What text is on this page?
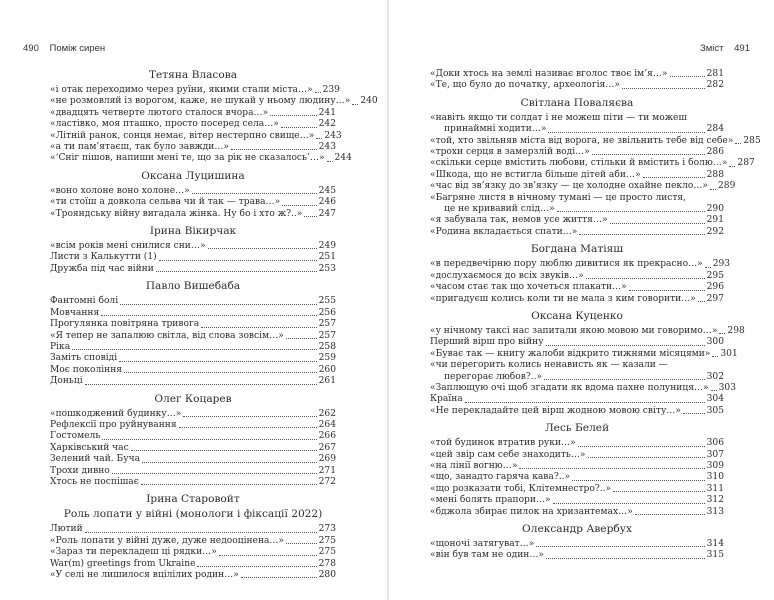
490 Поміж сирен
Тетяна Власова
«і отак переходимо через руїни, якими стали міста…» 239
«не розмовляй із ворогом, каже, не шукай у ньому людину…» 240
«двадцять четверте лютого сталося вчора…»	241
«ластівко, моя пташко, просто посеред села…»	242
«Літній ранок, сонця немає, вітер нестерпно свище…» 243
«а ти пам’ятаєш, так було завжди…»	243
«‘Сніг пішов, напиши мені те, що за рік не сказалось’…» 244
Оксана Луцишина
«воно холоне воно холоне…»	245
«ти стоїш а довкола сельва чи й так — трава…»	246
«Трояндську війну вигадала жінка. Ну бо і хто ж?..» 247
Ірина Вікирчак
«всім років мені снилися сни…»	249
Листи з Калькутти (1)	251
Дружба під час війни	253
Павло Вишебаба
Фантомні болі	255
Мовчання	256
Прогулянка повітряна тривога	257
«Я тепер не запалюю світла, від слова зовсім…»	257
Ріка	258
Заміть сповіді	259
Моє покоління	260
Доньці	261
Олег Коцарев
«пошкоджений будинку…»	262
Рефлексії про руйнування	264
Гостомель	266
Харківський час	267
Зелений чай. Буча	269
Трохи дивно	271
Хтось не поспішає	272
Ірина Старовойт
Роль лопати у війні (монологи і фіксації 2022)
Лютий	273
«Роль лопати у війні дуже, дуже недооцінена…»	275
«Зараз ти перекладеш ці рядки…»	275
War(m) greetings from Ukraine	278
«У селі не лишилося вцілілих родин…»	280
Зміст 491
«Доки хтось на землі називає вголос твоє ім’я…»	281
«Те, що було до початку, археологія…»	282
Світлана Поваляєва
«навіть якщо ти солдат і не можеш піти — ти можеш
принаймні ходити…»	284
«той, хто звільняв міста від ворога, не звільнить тебе від себе» 285
«трохи серця в замерзлій воді…»	286
«скільки серце вмістить любови, стільки й вмістить і болю…» 287
«Шкода, що не встигла більше дітей аби…»	288
«час від зв’язку до зв’язку — це холодне охайне пекло…» 289
«Багряне листя в нічному тумані — це просто листя,
це не кривавий слід…»	290
«я забувала так, немов усе життя…»	291
«Родина вкладається спати…»	292
Богдана Матіяш
«в передвечірню пору люблю дивитися як прекрасно…» 293
«дослухаємося до всіх звуків…»	295
«часом стає так що хочеться плакати…»	296
«пригадуєш колись коли ти не мала з ким говорити…» 297
Оксана Куценко
«у нічному таксі нас запитали якою мовою ми говоримо…» 298
Перший вірш про війну	300
«Буває так — книгу жалоби відкрито тижнями місяцями» 301
«чи перегорить колись ненависть як — казали —
перегорає любов?..»	302
«Заплющую очі щоб згадати як вдома пахне полуниця…» 303
Країна	304
«Не перекладайте цей вірш жодною мовою світу…»	305
Лесь Белей
«той будинок втратив руки…»	306
«цей звір сам себе знаходить…»	307
«на лінії вогню…»	309
«що, занадто гаряча кава?..»	310
«що розказати тобі, Клітемнестро?..»	311
«мені болять прапори…»	312
«бджола збирає пилок на хризантемах…»	313
Олександр Авербух
«щоночі затягуват…»	314
«він був там не один…»	315
